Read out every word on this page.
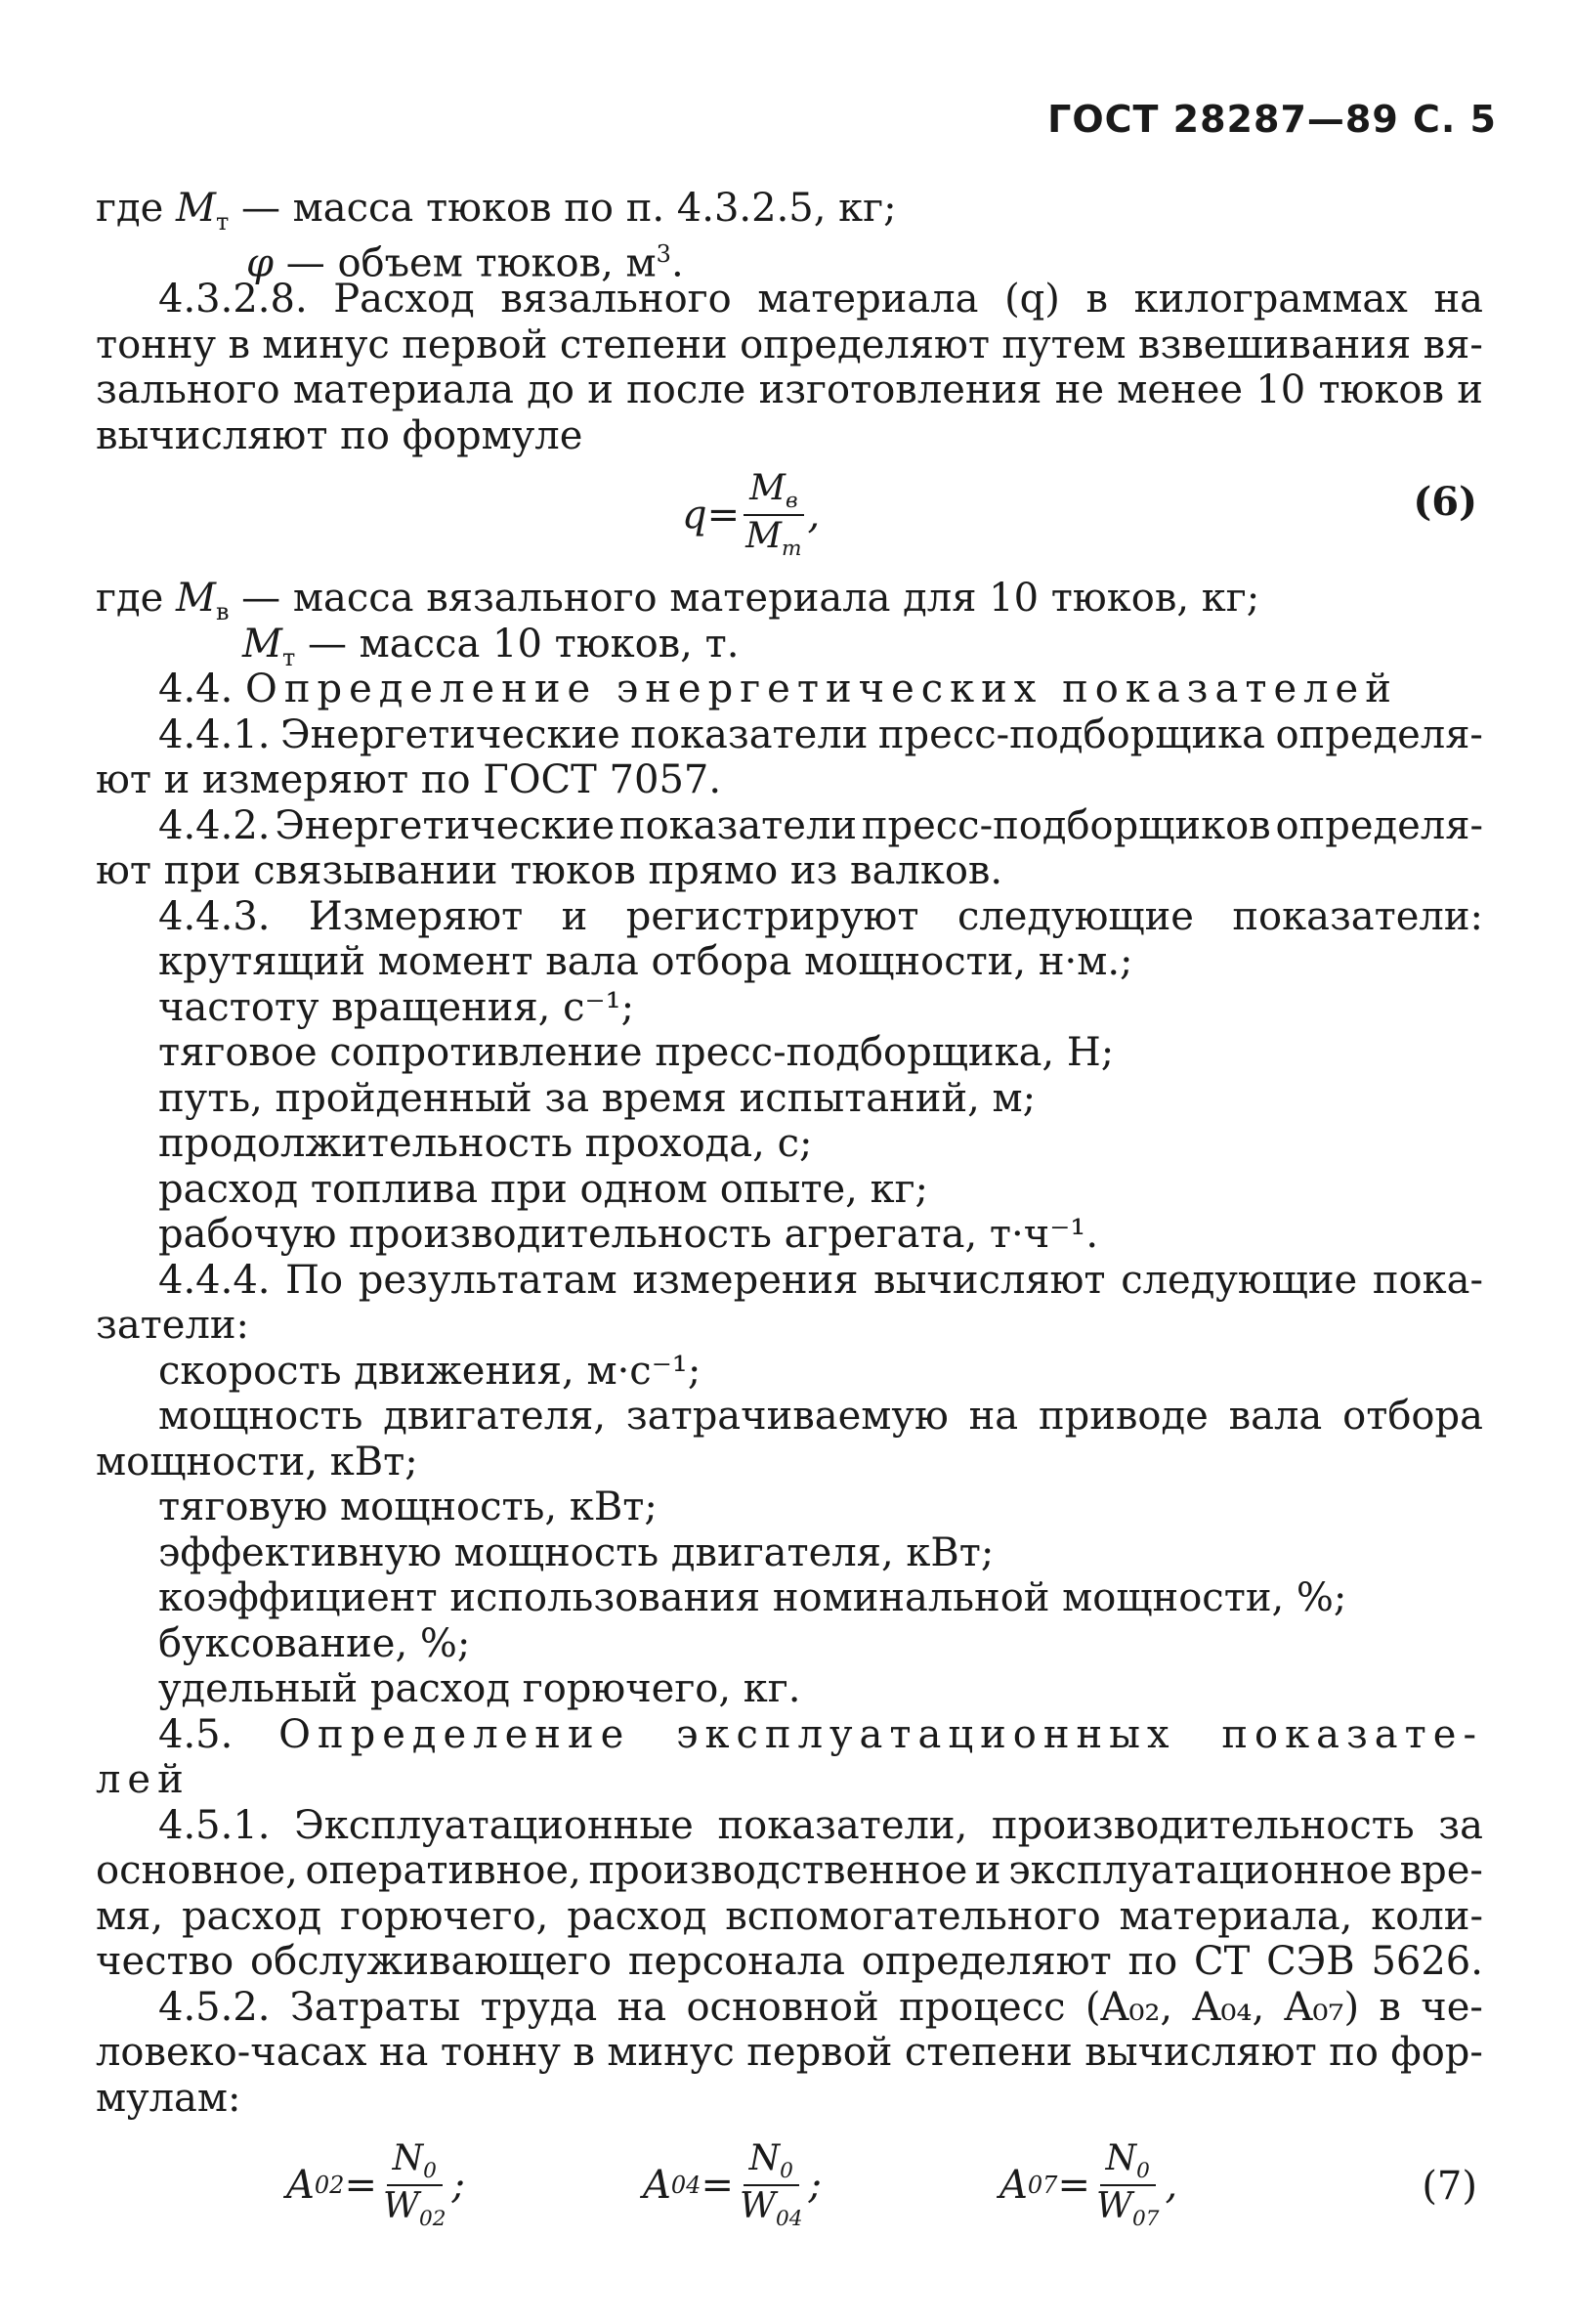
ГОСТ 28287—89 С. 5
где $M_т$ — масса тюков по п. 4.3.2.5, кг;
φ — объем тюков, $м^3$.
4.3.2.8. Расход вязального материала (q) в килограммах на
тонну в минус первой степени определяют путем взвешивания вя-
зального материала до и после изготовления не менее 10 тюков и
вычисляют по формуле
$q= \frac{M_в}{M_т}$ ,	(6)
где $M_в$ — масса вязального материала для 10 тюков, кг;
$M_т$ — масса 10 тюков, т.
4.4. Определение энергетических показателей
4.4.1. Энергетические показатели пресс-подборщика определя-
ют и измеряют по ГОСТ 7057.
4.4.2. Энергетические показатели пресс-подборщиков определя-
ют при связывании тюков прямо из валков.
4.4.3. Измеряют и регистрируют следующие показатели:
крутящий момент вала отбора мощности, н·м.;
частоту вращения, с⁻¹;
тяговое сопротивление пресс-подборщика, Н;
путь, пройденный за время испытаний, м;
продолжительность прохода, с;
расход топлива при одном опыте, кг;
рабочую производительность агрегата, т·ч⁻¹.
4.4.4. По результатам измерения вычисляют следующие пока-
затели:
скорость движения, м·с⁻¹;
мощность двигателя, затрачиваемую на приводе вала отбора
мощности, кВт;
тяговую мощность, кВт;
эффективную мощность двигателя, кВт;
коэффициент использования номинальной мощности, %;
буксование, %;
удельный расход горючего, кг.
4.5. Определение эксплуатационных показате-
лей
4.5.1. Эксплуатационные показатели, производительность за
основное, оперативное, производственное и эксплуатационное вре-
мя, расход горючего, расход вспомогательного материала, коли-
чество обслуживающего персонала определяют по СТ СЭВ 5626.
4.5.2. Затраты труда на основной процесс (A₀₂, A₀₄, A₀₇) в че-
ловеко-часах на тонну в минус первой степени вычисляют по фор-
мулам:
A $02 = \frac{N_0}{W_{02}}$ ;	A $04 = \frac{N_0}{W_{04}}$ ;	A $07 = \frac{N_0}{W_{07}}$ ,	(7)
